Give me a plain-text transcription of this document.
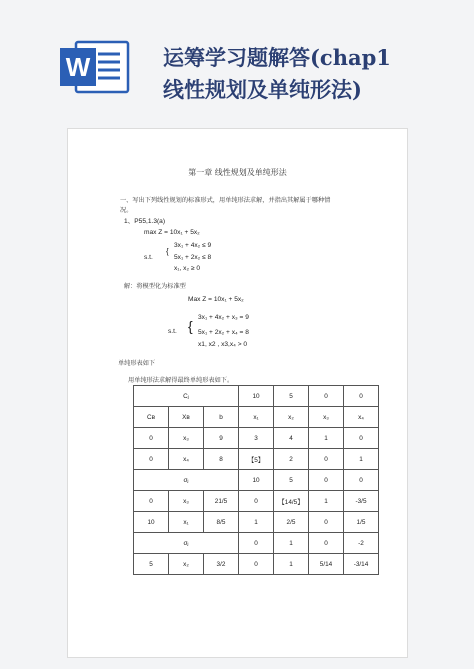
W	运筹学习题解答(chap1
线性规划及单纯形法)
第一章 线性规划及单纯形法
一、写出下列线性规划的标准形式，用单纯形法求解，并指出其解属于哪种情
况。
1、P55,1.3(a)
max Z = 10x₁ + 5x₂
{
s.t.
3x₁ + 4x₂ ≤ 9
5x₁ + 2x₂ ≤ 8
x₁, x₂ ≥ 0
解：将模型化为标准型
Max Z = 10x₁ + 5x₂
{
s.t.
3x₁ + 4x₂ + x₃ = 9
5x₁ + 2x₂ + x₄ = 8
x1, x2 , x3,x₄ > 0
单纯形表如下
用单纯形法求解得最终单纯形表如下。
Cⱼ			10	5	0	0
Cʙ	Xʙ	b	x₁	x₂	x₃	x₄
0	x₃	9	3	4	1	0
0	x₄	8	【5】	2	0	1
σⱼ			10	5	0	0
0	x₃	21/5	0	【14/5】	1	-3/5
10	x₁	8/5	1	2/5	0	1/5
σⱼ			0	1	0	-2
5	x₂	3/2	0	1	5/14	-3/14
